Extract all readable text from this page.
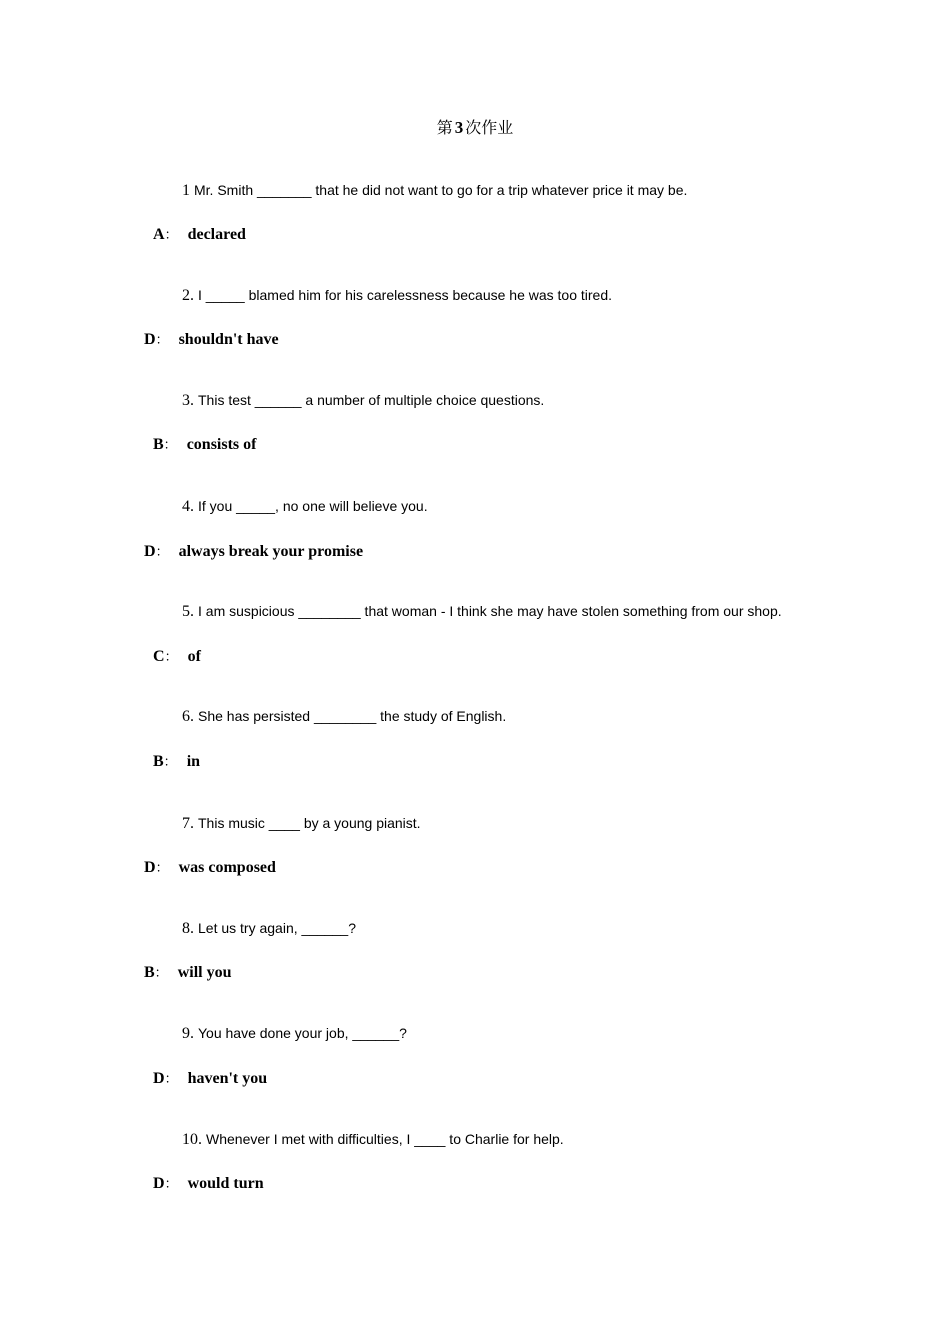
第 3 次作业
1 Mr. Smith _______ that he did not want to go for a trip whatever price it may be.
A： declared
2. I _____ blamed him for his carelessness because he was too tired.
D： shouldn't have
3. This test ______ a number of multiple choice questions.
B： consists of
4. If you _____, no one will believe you.
D： always break your promise
5. I am suspicious ________ that woman - I think she may have stolen something from our shop.
C： of
6. She has persisted ________ the study of English.
B： in
7. This music ____ by a young pianist.
D： was composed
8. Let us try again, ______?
B： will you
9. You have done your job, ______?
D： haven't you
10. Whenever I met with difficulties, I ____ to Charlie for help.
D： would turn
